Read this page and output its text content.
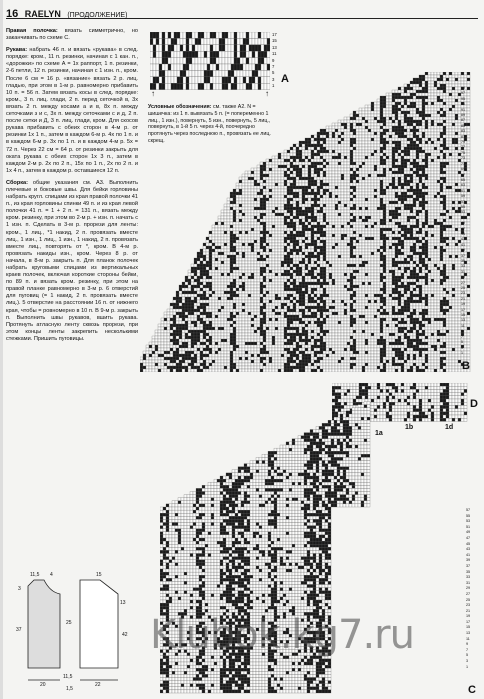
16 RAELYN (ПРОДОЛЖЕНИЕ)

Правая полочка: вязать симметрично, но заканчивать по схеме С.

Рукава: набрать 46 п. и вязать «рукава» в след. порядке: кром., 11 п. резинки, начиная с 1 кан. п., «дорожки» по схеме А = 1x раппорт, 1 п. резинки, 2-6 петли, 12 п. резинки, начиная с 1 изн. п., кром. После 6 см = 16 р. «вязание» вязать 2 р. лиц. гладью, при этом в 1-м р. равномерно прибавить 10 п. = 56 п. Затем вязать косы в след. порядке: кром., 3 п. лиц. глади, 2 п. перед сеточкой в, 3х вязать 2 п. между косами а и в, 8х п. между сеточками з и с, 3х п. между сеточками с и д, 2 п. после сетки и Д, 3 п. лиц. глади, кром. Для скосов рукава прибавить с обеих сторон в 4-м р. от резинки 1х 1 п., затем в каждом 6-м р. 4х по 1 п. и в каждом 6-м р. 3х по 1 п. и в каждом 4-м р. 5х = 72 п. Через 22 см = 64 р. от резинки закрыть для окатa рукава с обеих сторон 1х 3 п., затем в каждом 2-м р. 2х по 2 п., 15х по 1 п., 2х по 2 п. и 1х 4 п., затем в каждом р. оставшиеся 12 п.

Сборка: общие указания см. А3. Выполнить плечевые и боковые швы. Для бейки горловины набрать кругл. спицами из края правой полочки 41 п., из края горловины спинки 49 п. и из края левой полочки 41 п. = 1 + 2 п. = 131 п., вязать между кром. резинку, при этом во 2-м р. + изн. п. начать с 1 изн. п. Сделать в 3-м р. прорези для ленты: кром., 1 лиц., *1 накид, 2 п. провязать вместе лиц., 1 изн., 1 лиц., 1 изн., 1 накид, 2 п. провязать вместе лиц., повторять от *, кром. В 4-м р. провязать накиды изн., кром. Через 8 р. от начала, в 8-м р. закрыть п. Для планок полочек набрать круговыми спицами из вертикальных краев полочек, включая короткие стороны бейки, по 89 п. и вязать кром. резинку, при этом на правой планке равномерно в 3-м р. 6 отверстий для пуговиц (= 1 накид, 2 п. провязать вместе лиц.). 5 отверстие на расстоянии 16 п. от нижнего края, чтобы = ровномерно в 10 п. В 9-м р. закрыть п. Выполнить швы рукавов, вшить рукава. Протянуть атласную ленту сквозь прорези, при этом концы ленты закрепить несколькими стежками. Пришить пуговицы.

17
15
13
11
9
7
5
3
1
A
↑	↑
Условные обозначения: см. также А2. N = шишечка: из 1 п. вывязать 5 п. (= попеременно 1 лиц., 1 изн.), повернуть, 5 изн., повернуть, 5 лиц., повернуть, в 1-й 5 п. через 4-й, поочередно протянуть через последнюю п., провязать ее лиц. скрещ.
99
97
95
93
91
89
87
85
83
81
79
77
75
73
71
69
67
65
63
61
59
57
55
53
51
49
47
45
43
41
39
37
35
33
31
29
27
25
23
21
19
17
15
13
11
9
7
5
3
1
B
D
1a
1b	1d
57
55
53
51
49
47
45
43
41
39
37
35
33
31
29
27
25
23
21
19
17
15
13
11
9
7
5
3
1
C
11,5 4	15
3
13
37
42
25
20	22
11,5
1,5
Klubok.kg7.ru
